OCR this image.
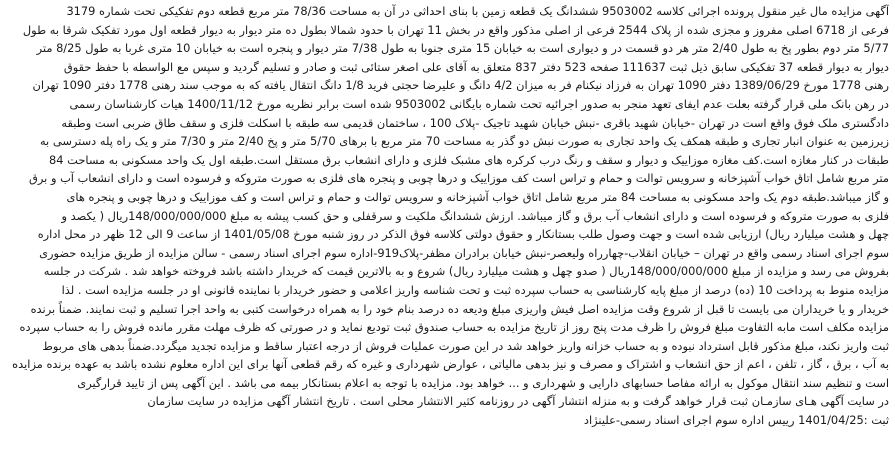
آگهی مزایده مال غیر منقول پرونده اجرائی کلاسه 9503002 ششدانگ یک قطعه زمین با بنای احداثی در آن به مساحت 78/36 متر مربع قطعه دوم تفکیکی تحت شماره 3179
فرعی از 6718 اصلی مفروز و مجزی شده از پلاک 2544 فرعی از اصلی مذکور واقع در بخش 11 تهران با حدود شمالا بطول ده متر دیوار به دیوار قطعه اول مورد تفکیک شرقا به طول
5/77 متر دوم بطور پخ به طول 2/40 متر هر دو قسمت در و دیواری است به خیابان 15 متری جنوبا به طول 7/38 متر دیوار و پنجره است به خیابان 10 متری غربا به طول 8/25 متر
دیوار به دیوار قطعه 37 تفکیکی سابق ذیل ثبت 111637 صفحه 523 دفتر 837 متعلق به آقای علی اصغر ستائی ثبت و صادر و تسلیم گردید و سپس مع الواسطه با حفظ حقوق
رهنی 1778 مورخ 1389/06/29 دفتر 1090 تهران به فرزاد نیکنام فر به میزان 4/2 دانگ و علیرضا حجتی فرید 1/8 دانگ انتقال یافته که به موجب سند رهنی 1778 دفتر 1090 تهران
در رهن بانک ملی قرار گرفته بعلت عدم ایفای تعهد منجر به صدور اجرائیه تحت شماره بایگانی 9503002 شده است برابر نظریه مورخ 1400/11/12 هیات کارشناسان رسمی
دادگستری ملک فوق واقع است در تهران -خیابان شهید باقری -نبش خیابان شهید تاجیک -پلاک 100 ، ساختمان قدیمی سه طبقه با اسکلت فلزی و سقف طاق ضربی است وطبقه
زیرزمین به عنوان انبار تجاری و طبقه همکف یک واحد تجاری به صورت نبش دو گذر به مساحت 70 متر مربع با برهای 5/70 متر و پخ 2/40 متر و 7/30 متر و یک راه پله دسترسی به
طبقات در کنار مغازه است.کف مغازه موزاییک و دیوار و سقف و رنگ درب کرکره های مشبک فلزی و دارای انشعاب برق مستقل است.طبقه اول یک واحد مسکونی به مساحت 84
متر مربع شامل اتاق خواب آشپزخانه و سرویس توالت و حمام و تراس است کف موزاییک و درها چوبی و پنجره های فلزی به صورت متروکه و فرسوده است و دارای انشعاب آب و برق
و گاز میباشد.طبقه دوم یک واحد مسکونی به مساحت 84 متر مربع شامل اتاق خواب آشپزخانه و سرویس توالت و حمام و تراس است و کف موزاییک و درها چوبی و پنجره های
فلزی به صورت متروکه و فرسوده است و دارای انشعاب آب برق و گاز میباشد. ارزش ششدانگ ملکیت و سرقفلی و حق کسب پیشه به مبلغ 148/000/000/000ریال ( یکصد و
چهل و هشت میلیارد ریال) ارزیابی شده است و جهت وصول طلب بستانکار و حقوق دولتی کلاسه فوق الذکر در روز شنبه مورخ 1401/05/08 از ساعت 9 الی 12 ظهر در محل اداره
سوم اجرای اسناد رسمی واقع در تهران – خیابان انقلاب-چهارراه ولیعصر-نبش خیابان برادران مظفر-پلاک919-اداره سوم اجرای اسناد رسمی - سالن مزایده از طریق مزایده حضوری
بفروش می رسد و مزایده از مبلغ 148/000/000/000ریال ( صدو چهل و هشت میلیارد ریال) شروع و به بالاترین قیمت که خریدار داشته باشد فروخته خواهد شد . شرکت در جلسه
مزایده منوط به پرداخت 10 (ده) درصد از مبلغ پایه کارشناسی به حساب سپرده ثبت و تحت شناسه واریز اعلامی و حضور خریدار با نماینده قانونی او در جلسه مزایده است . لذا
خریدار و یا خریداران می بایست تا قبل از شروع وقت مزایده اصل فیش واریزی مبلغ ودیعه ده درصد بنام خود را به همراه درخواست کتبی به واحد اجرا تسلیم و ثبت نمایند. ضمناً برنده
مزایده مکلف است مابه التفاوت مبلغ فروش را ظرف مدت پنج روز از تاریخ مزایده به حساب صندوق ثبت تودیع نماید و در صورتی که ظرف مهلت مقرر مانده فروش را به حساب سپرده
ثبت واریز نکند، مبلغ مذکور قابل استرداد نبوده و به حساب خزانه واریز خواهد شد در این صورت عملیات فروش از درجه اعتبار ساقط و مزایده تجدید میگردد.ضمناً بدهی های مربوط
به آب ، برق ، گاز ، تلفن ، اعم از حق انشعاب و اشتراک و مصرف و نیز بدهی مالیاتی ، عوارض شهرداری و غیره که رقم قطعی آنها برای این اداره معلوم نشده باشد به عهده برنده مزایده
است و تنظیم سند انتقال موکول به ارائه مفاصا حسابهای دارایی و شهرداری و ... خواهد بود. مزایده با توجه به اعلام بستانکار بیمه می باشد . این آگهی پس از تایید قرارگیری
در سایت آگهی هـای سازمـان ثبت قرار خواهد گرفت و به منزله انتشار آگهی در روزنامه کثیر الانتشار محلی است . تاریخ انتشار آگهی مزایده در سایت سازمان
ثبت :1401/04/25 رییس اداره سوم اجرای اسناد رسمی-علینژاد
